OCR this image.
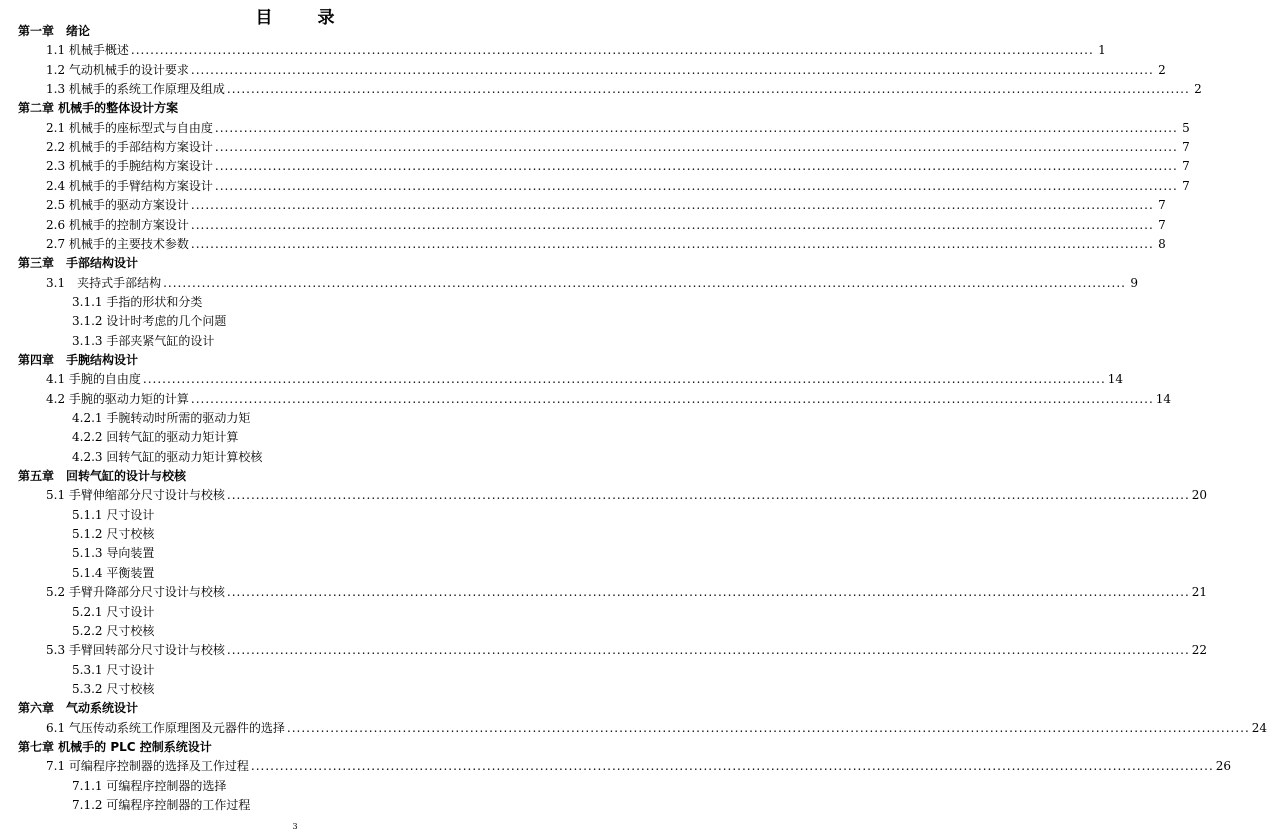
目　录
第一章　绪论
1.1 机械手概述 ........................................................................................................................................................................................................ 1
1.2 气动机械手的设计要求 ........................................................................................................................................................................................................ 2
1.3 机械手的系统工作原理及组成 ........................................................................................................................................................................................................ 2
第二章 机械手的整体设计方案
2.1 机械手的座标型式与自由度 ........................................................................................................................................................................................................ 5
2.2 机械手的手部结构方案设计 ........................................................................................................................................................................................................ 7
2.3 机械手的手腕结构方案设计 ........................................................................................................................................................................................................ 7
2.4 机械手的手臂结构方案设计 ........................................................................................................................................................................................................ 7
2.5 机械手的驱动方案设计 ........................................................................................................................................................................................................ 7
2.6 机械手的控制方案设计 ........................................................................................................................................................................................................ 7
2.7 机械手的主要技术参数 ........................................................................................................................................................................................................ 8
第三章　手部结构设计
3.1　夹持式手部结构 ........................................................................................................................................................................................................ 9
3.1.1 手指的形状和分类
3.1.2 设计时考虑的几个问题
3.1.3 手部夹紧气缸的设计
第四章　手腕结构设计
4.1 手腕的自由度 ........................................................................................................................................................................................................ 14
4.2 手腕的驱动力矩的计算 ........................................................................................................................................................................................................ 14
4.2.1 手腕转动时所需的驱动力矩
4.2.2 回转气缸的驱动力矩计算
4.2.3 回转气缸的驱动力矩计算校核
第五章　回转气缸的设计与校核
5.1 手臂伸缩部分尺寸设计与校核 ........................................................................................................................................................................................................ 20
5.1.1 尺寸设计
5.1.2 尺寸校核
5.1.3 导向装置
5.1.4 平衡装置
5.2 手臂升降部分尺寸设计与校核 ........................................................................................................................................................................................................ 21
5.2.1 尺寸设计
5.2.2 尺寸校核
5.3 手臂回转部分尺寸设计与校核 ........................................................................................................................................................................................................ 22
5.3.1 尺寸设计
5.3.2 尺寸校核
第六章　气动系统设计
6.1 气压传动系统工作原理图及元器件的选择 ........................................................................................................................................................................................................ 24
第七章 机械手的 PLC 控制系统设计
7.1 可编程序控制器的选择及工作过程 ........................................................................................................................................................................................................ 26
7.1.1 可编程序控制器的选择
7.1.2 可编程序控制器的工作过程
3
